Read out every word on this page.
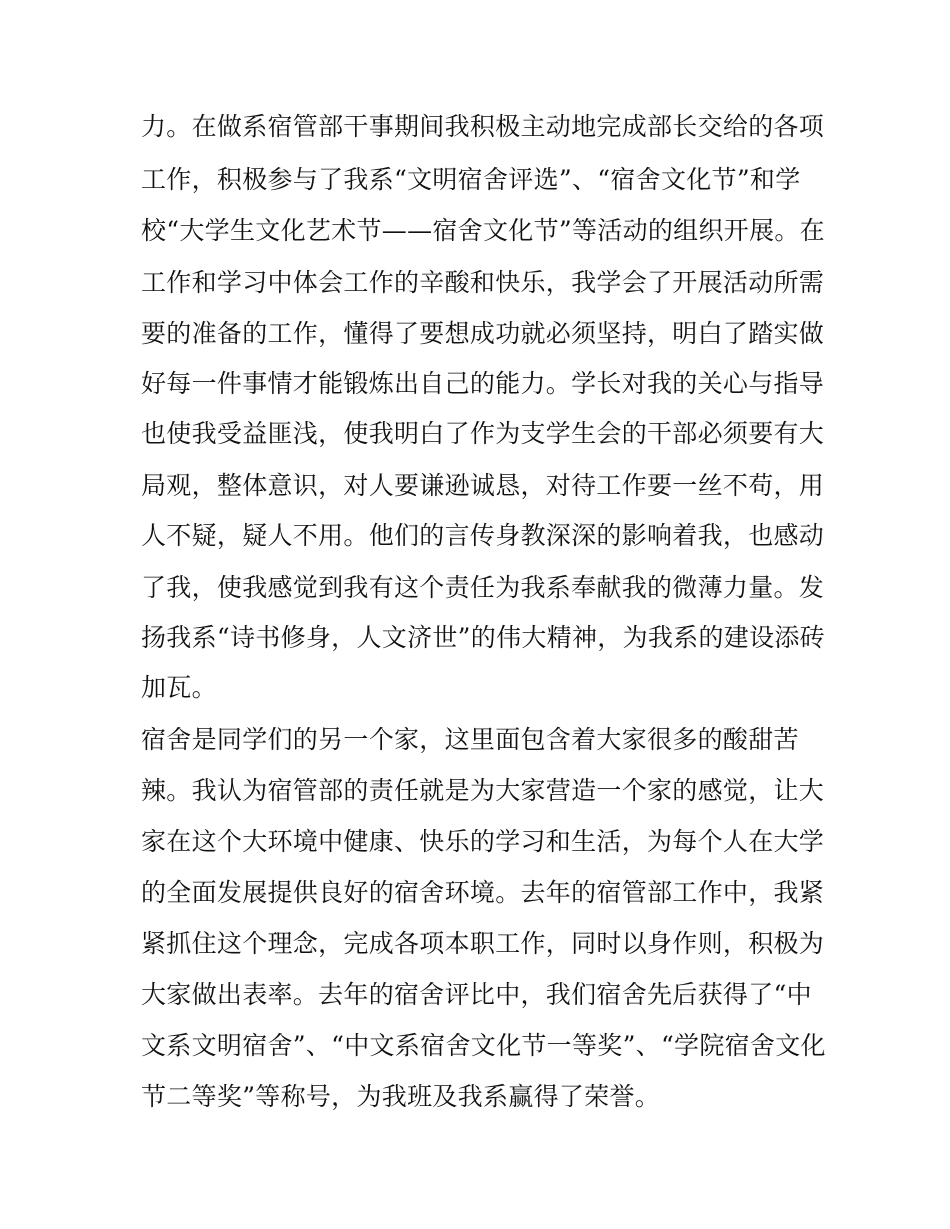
力。在做系宿管部干事期间我积极主动地完成部长交给的各项
工作，积极参与了我系“文明宿舍评选”、“宿舍文化节”和学
校“大学生文化艺术节——宿舍文化节”等活动的组织开展。在
工作和学习中体会工作的辛酸和快乐，我学会了开展活动所需
要的准备的工作，懂得了要想成功就必须坚持，明白了踏实做
好每一件事情才能锻炼出自己的能力。学长对我的关心与指导
也使我受益匪浅，使我明白了作为支学生会的干部必须要有大
局观，整体意识，对人要谦逊诚恳，对待工作要一丝不苟，用
人不疑，疑人不用。他们的言传身教深深的影响着我，也感动
了我，使我感觉到我有这个责任为我系奉献我的微薄力量。发
扬我系“诗书修身，人文济世”的伟大精神，为我系的建设添砖
加瓦。
宿舍是同学们的另一个家，这里面包含着大家很多的酸甜苦
辣。我认为宿管部的责任就是为大家营造一个家的感觉，让大
家在这个大环境中健康、快乐的学习和生活，为每个人在大学
的全面发展提供良好的宿舍环境。去年的宿管部工作中，我紧
紧抓住这个理念，完成各项本职工作，同时以身作则，积极为
大家做出表率。去年的宿舍评比中，我们宿舍先后获得了“中
文系文明宿舍”、“中文系宿舍文化节一等奖”、“学院宿舍文化
节二等奖”等称号，为我班及我系赢得了荣誉。
